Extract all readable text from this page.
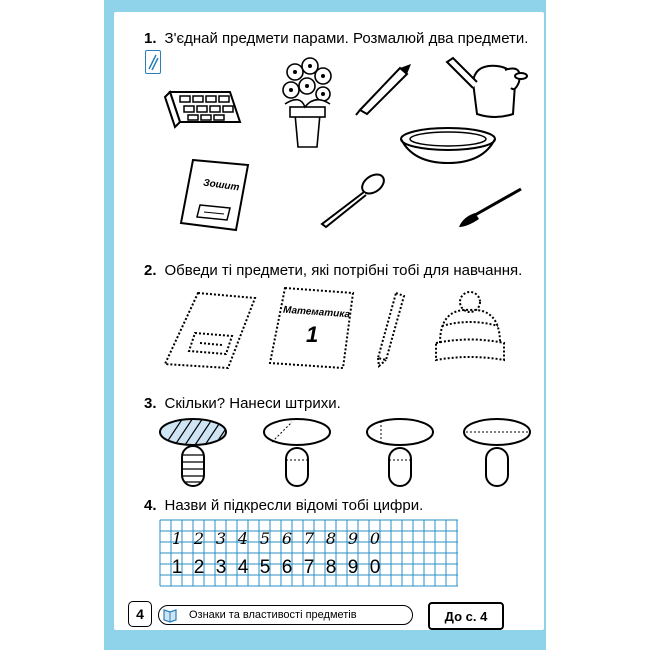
1. З'єднай предмети парами. Розмалюй два предмети.
Зошит
2. Обведи ті предмети, які потрібні тобі для навчання.
Математика
1
3. Скільки? Нанеси штрихи.
4. Назви й підкресли відомі тобі цифри.
1 2 3 4 5 6 7 8 9 0
1 2 3 4 5 6 7 8 9 0
4	Ознаки та властивості предметів	До с. 4
